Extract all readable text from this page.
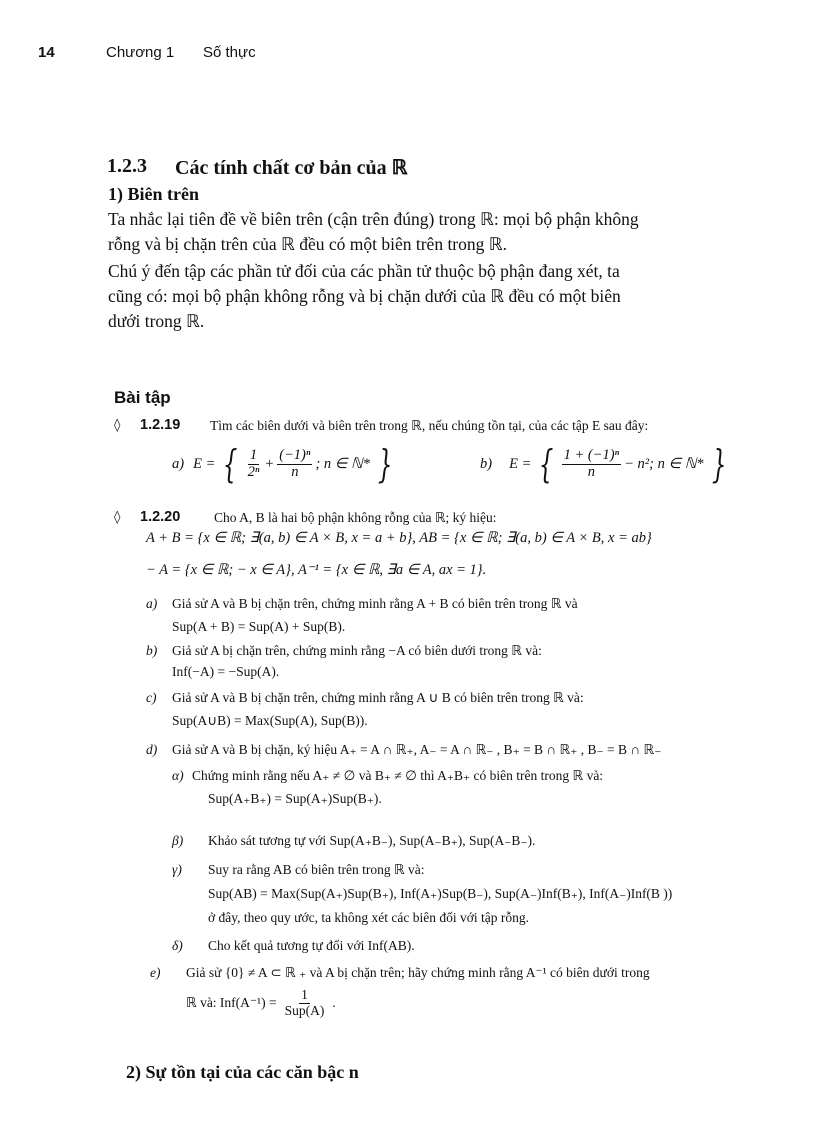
14	Chương 1 Số thực
1.2.3 Các tính chất cơ bản của ℝ
1) Biên trên
Ta nhắc lại tiên đề về biên trên (cận trên đúng) trong ℝ: mọi bộ phận không
rỗng và bị chặn trên của ℝ đều có một biên trên trong ℝ.
Chú ý đến tập các phần tử đối của các phần tử thuộc bộ phận đang xét, ta
cũng có: mọi bộ phận không rỗng và bị chặn dưới của ℝ đều có một biên
dưới trong ℝ.
Bài tập
◊ 1.2.19 Tìm các biên dưới và biên trên trong ℝ, nếu chúng tồn tại, của các tập E sau đây:
a) E = { $\frac{1}{\text{2ⁿ}} + \frac{\text{(−1)ⁿ}}{n}$ ; n ∈ ℕ* }	b) E = { $\frac{\text{1 + (−1)ⁿ}}{n} - n^2$; n ∈ ℕ* }
◊ 1.2.20 Cho A, B là hai bộ phận không rỗng của ℝ; ký hiệu:
A + B = {x ∈ ℝ; ∃(a, b) ∈ A × B, x = a + b}, AB = {x ∈ ℝ; ∃(a, b) ∈ A × B, x = ab}
− A = {x ∈ ℝ; − x ∈ A}, A⁻¹ = {x ∈ ℝ, ∃a ∈ A, ax = 1}.
a) Giả sử A và B bị chặn trên, chứng minh rằng A + B có biên trên trong ℝ và
Sup(A + B) = Sup(A) + Sup(B).
b) Giả sử A bị chặn trên, chứng minh rằng −A có biên dưới trong ℝ và:
Inf(−A) = −Sup(A).
c) Giả sử A và B bị chặn trên, chứng minh rằng A ∪ B có biên trên trong ℝ và:
Sup(A∪B) = Max(Sup(A), Sup(B)).
d) Giả sử A và B bị chặn, ký hiệu A₊ = A ∩ ℝ₊, A₋ = A ∩ ℝ₋ , B₊ = B ∩ ℝ₊ , B₋ = B ∩ ℝ₋
α) Chứng minh rằng nếu A₊ ≠ ∅ và B₊ ≠ ∅ thì A₊B₊ có biên trên trong ℝ và:
Sup(A₊B₊) = Sup(A₊)Sup(B₊).
β) Khảo sát tương tự với Sup(A₊B₋), Sup(A₋B₊), Sup(A₋B₋).
γ) Suy ra rằng AB có biên trên trong ℝ và:
Sup(AB) = Max(Sup(A₊)Sup(B₊), Inf(A₊)Sup(B₋), Sup(A₋)Inf(B₊), Inf(A₋)Inf(B ))
ở đây, theo quy ước, ta không xét các biên đối với tập rỗng.
δ) Cho kết quả tương tự đối với Inf(AB).
e) Giả sử {0} ≠ A ⊂ ℝ ₊ và A bị chặn trên; hãy chứng minh rằng A⁻¹ có biên dưới trong
ℝ và: $Inf(A^{-1}) = \frac{1}{\text{Sup(A)}}$ .
2) Sự tồn tại của các căn bậc n
